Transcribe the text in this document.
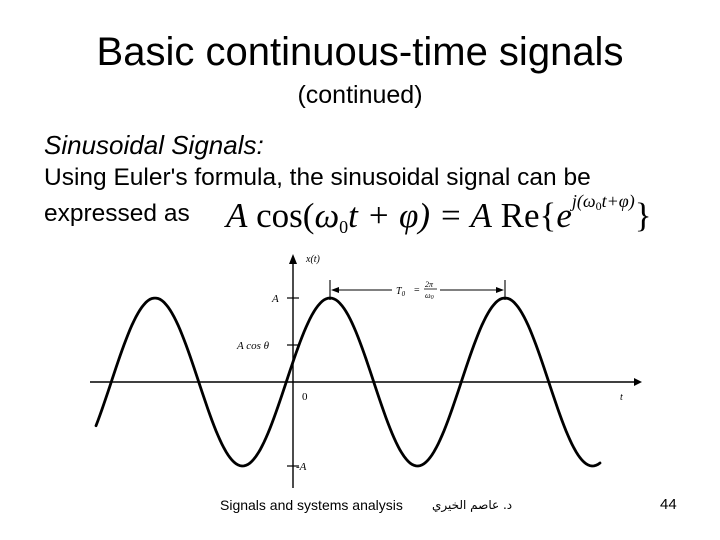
Basic continuous-time signals
(continued)
Sinusoidal Signals:
Using Euler's formula, the sinusoidal signal can be
expressed as A $\cos(\omega_0t + \varphi) = A$ $Re\{e^{j(\omega_0t+\varphi)}\}$
x(t)
t
0
A
A cos θ
-A
$T_0$ =
2π
ω0
Signals and systems analysis د. عاصم الخيري	44
